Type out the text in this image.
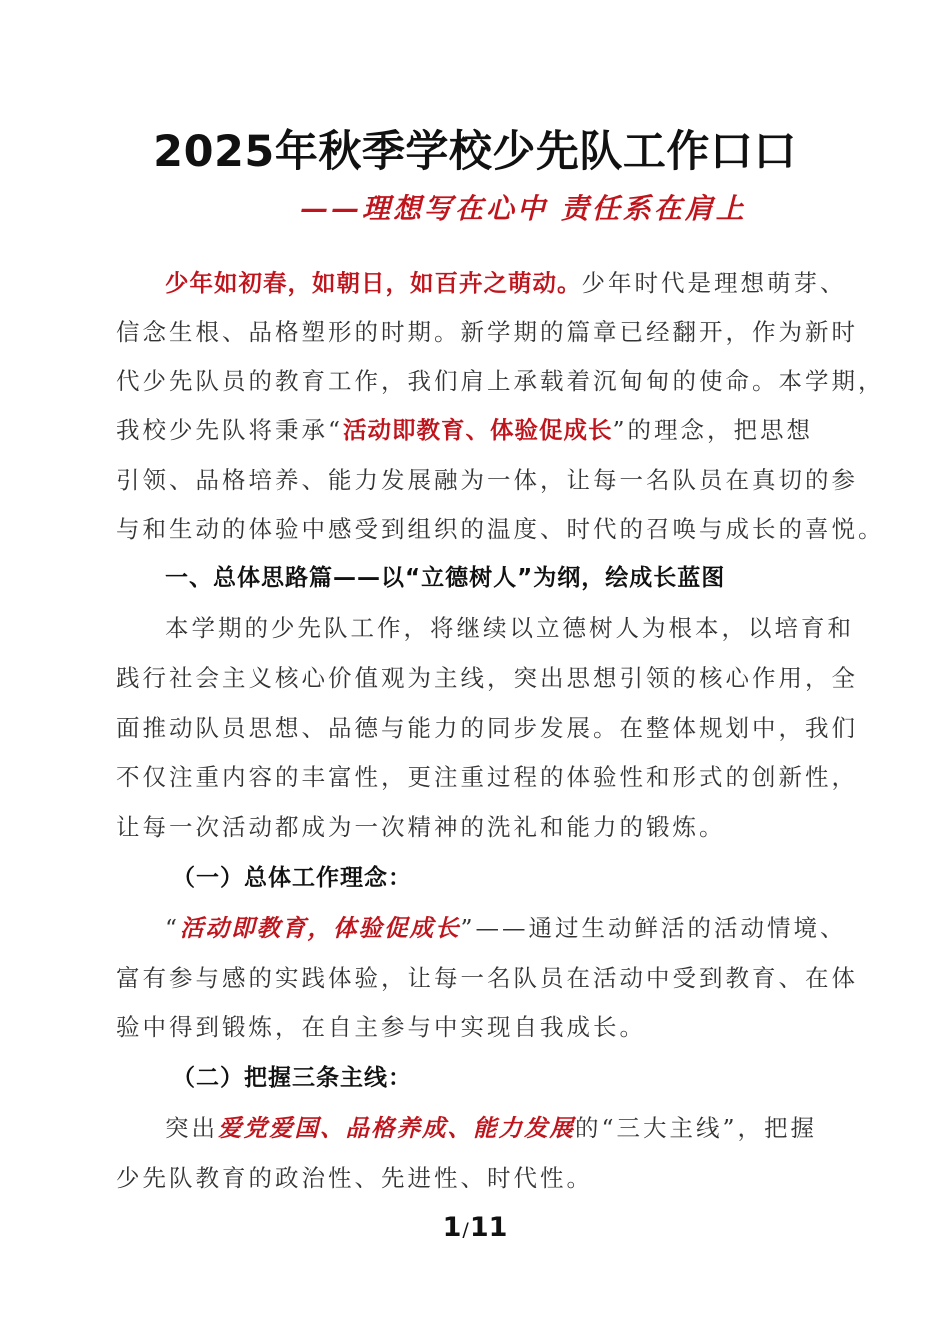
2025年秋季学校少先队工作口口
——理想写在心中 责任系在肩上
少年如初春，如朝日，如百卉之萌动。少年时代是理想萌芽、
信念生根、品格塑形的时期。新学期的篇章已经翻开，作为新时
代少先队员的教育工作，我们肩上承载着沉甸甸的使命。本学期，
我校少先队将秉承“活动即教育、体验促成长”的理念，把思想
引领、品格培养、能力发展融为一体，让每一名队员在真切的参
与和生动的体验中感受到组织的温度、时代的召唤与成长的喜悦。
一、总体思路篇——以“立德树人”为纲，绘成长蓝图
本学期的少先队工作，将继续以立德树人为根本，以培育和
践行社会主义核心价值观为主线，突出思想引领的核心作用，全
面推动队员思想、品德与能力的同步发展。在整体规划中，我们
不仅注重内容的丰富性，更注重过程的体验性和形式的创新性，
让每一次活动都成为一次精神的洗礼和能力的锻炼。
（一）总体工作理念：
“活动即教育，体验促成长”——通过生动鲜活的活动情境、
富有参与感的实践体验，让每一名队员在活动中受到教育、在体
验中得到锻炼，在自主参与中实现自我成长。
（二）把握三条主线：
突出爱党爱国、品格养成、能力发展的“三大主线”，把握
少先队教育的政治性、先进性、时代性。
1/11
